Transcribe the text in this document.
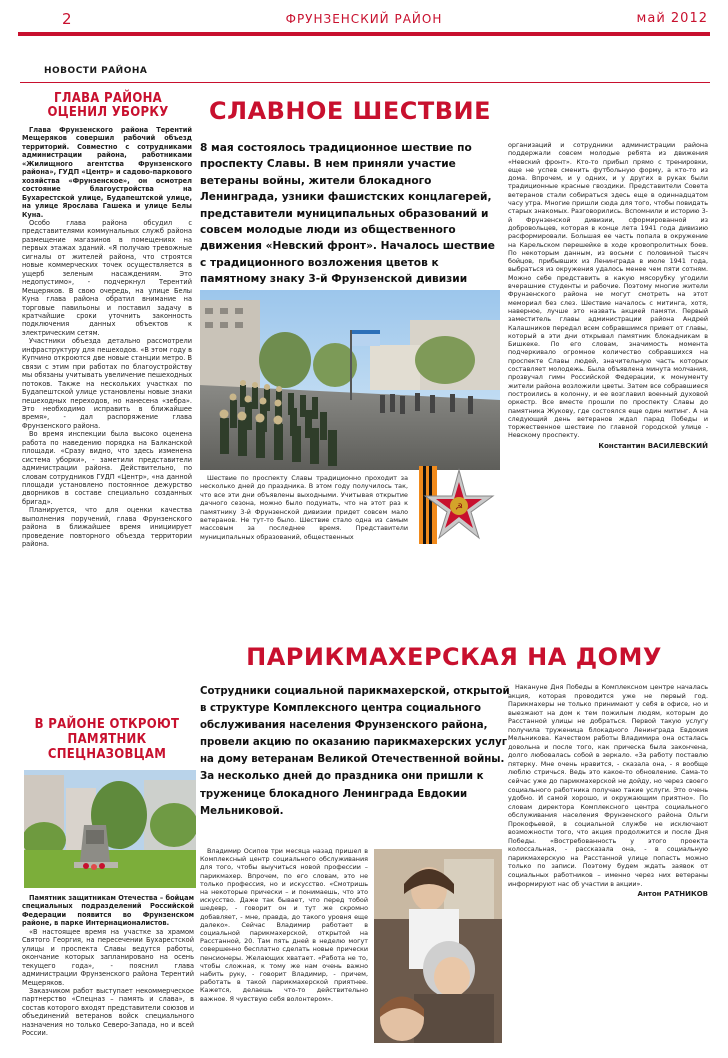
2	ФРУНЗЕНСКИЙ РАЙОН	май 2012
НОВОСТИ РАЙОНА
ГЛАВА РАЙОНА
ОЦЕНИЛ УБОРКУ

Глава Фрунзенского района Терентий Мещеряков совершил рабочий объезд территорий. Совместно с сотрудниками администрации района, работниками «Жилищного агентства Фрунзенского района», ГУДП «Центр» и садово-паркового хозяйства «Фрунзенское», он осмотрел состояние благоустройства на Бухарестской улице, Будапештской улице, на улице Ярослава Гашека и улице Белы Куна.

Особо глава района обсудил с представителями коммунальных служб района размещение магазинов в помещениях на первых этажах зданий. «Я получаю тревожные сигналы от жителей района, что строятся новые коммерческих точек осуществляется в ущерб зеленым насаждениям. Это недопустимо», - подчеркнул Терентий Мещеряков. В свою очередь, на улице Белы Куна глава района обратил внимание на торговые павильоны и поставил задачу в кратчайшие сроки уточнить законность подключения данных объектов к электрическим сетям.

Участники объезда детально рассмотрели инфраструктуру для пешеходов. «В этом году в Купчино откроются две новые станции метро. В связи с этим при работах по благоустройству мы обязаны учитывать увеличение пешеходных потоков. Также на нескольких участках по Будапештской улице установлены новые знаки пешеходных переходов, но нанесена «зебра». Это необходимо исправить в ближайшее время», - дал распоряжение глава Фрунзенского района.

Во время инспекции была высоко оценена работа по наведению порядка на Балканской площади. «Сразу видно, что здесь изменена система уборки», - заметили представители администрации района. Действительно, по словам сотрудников ГУДП «Центр», «на данной площади установлено постоянное дежурство дворников в составе специально созданных бригад».

Планируется, что для оценки качества выполнения поручений, глава Фрунзенского района в ближайшее время инициирует проведение повторного объезда территории района.

СЛАВНОЕ ШЕСТВИЕ
8 мая состоялось традиционное шествие по проспекту Славы. В нем приняли участие ветераны войны, жители блокадного Ленинграда, узники фашистских концлагерей, представители муниципальных образований и совсем молодые люди из общественного движения «Невский фронт». Началось шествие с традиционного возложения цветов к памятному знаку 3-й Фрунзенской дивизии
☭
Шествие по проспекту Славы традиционно проходит за несколько дней до праздника. В этом году получилось так, что все эти дни объявлены выходными. Учитывая открытие дачного сезона, можно было подумать, что на этот раз к памятнику 3-й Фрунзенской дивизии придет совсем мало ветеранов. Не тут-то было. Шествие стало одна из самым массовым за последнее время. Представители муниципальных образований, общественных

организаций и сотрудники администрации района поддержали совсем молодые ребята из движения «Невский фронт». Кто-то прибыл прямо с тренировки, еще не успев сменить футбольную форму, а кто-то из дома. Впрочем, и у одних, и у других в руках были традиционные красные гвоздики. Представители Совета ветеранов стали собираться здесь еще в одиннадцатом часу утра. Многие пришли сюда для того, чтобы повидать старых знакомых. Разговорились. Вспомнили и историю 3-й Фрунзенской дивизии, сформированной из добровольцев, которая в конце лета 1941 года дивизию расформировали. Большая ее часть попала в окружение на Карельском перешейке в ходе кровопролитных боев. По некоторым данным, из восьми с половиной тысяч бойцов, прибывших из Ленинграда в июле 1941 года, выбраться из окружения удалось менее чем пяти сотням. Можно себе представить в какую мясорубку угодили вчерашние студенты и рабочие. Поэтому многие жители Фрунзенского района не могут смотреть на этот мемориал без слез. Шествие началось с митинга, хотя, наверное, лучше это назвать акцией памяти. Первый заместитель главы администрации района Андрей Калашников передал всем собравшимся привет от главы, который в эти дни открывал памятник блокадникам в Бишкеке. По его словам, значимость момента подчеркивало огромное количество собравшихся на проспекте Славы людей, значительную часть которых составляет молодежь. Была объявлена минута молчания, прозвучал гимн Российской Федерации, к монументу жители района возложили цветы. Затем все собравшиеся построились в колонну, и ее возглавил военный духовой оркестр. Все вместе прошли по проспекту Славы до памятника Жукову, где состоялся еще один митинг. А на следующий день ветеранов ждал парад Победы и торжественное шествие по главной городской улице - Невскому проспекту.

Константин ВАСИЛЕВСКИЙ
В РАЙОНЕ ОТКРОЮТ
ПАМЯТНИК
СПЕЦНАЗОВЦАМ

Памятник защитникам Отечества – бойцам специальных подразделений Российской Федерации появится во Фрунзенском районе, в парке Интернационалистов.

«В настоящее время на участке за храмом Святого Георгия, на пересечении Бухарестской улицы и проспекта Славы ведутся работы, окончание которых запланировано на осень текущего года», - пояснил глава администрации Фрунзенского района Терентий Мещеряков.

Заказчиком работ выступает некоммерческое партнерство «Спецназ – память и слава», в состав которого входят представители союзов и объединений ветеранов войск специального назначения но только Северо-Запада, но и всей России.

ПАРИКМАХЕРСКАЯ НА ДОМУ
Сотрудники социальной парикмахерской, открытой в структуре Комплексного центра социального обслуживания населения Фрунзенского района, провели акцию по оказанию парикмахерских услуг на дому ветеранам Великой Отечественной войны. За несколько дней до праздника они пришли к труженице блокадного Ленинграда Евдокии Мельниковой.

Владимир Осипов три месяца назад пришел в Комплексный центр социального обслуживания для того, чтобы выучиться новой профессии – парикмахер. Впрочем, по его словам, это не только профессия, но и искусство. «Смотришь на некоторые прически – и понимаешь, что это искусство. Даже так бывает, что перед тобой шедевр, - говорит он и тут же скромно добавляет, - мне, правда, до такого уровня еще далеко». Сейчас Владимир работает в социальной парикмахерской, открытой на Расстанной, 20. Там пять дней в неделю могут совершенно бесплатно сделать новые прически пенсионеры. Желающих хватает. «Работа не то, чтобы сложная, к тому же нам очень важно набить руку, - говорит Владимир, - причем, работать в такой парикмахерской приятнее. Кажется, делаешь что-то действительно важное. Я чувствую себя волонтером».

Накануне Дня Победы в Комплексном центре началась акция, которая проводится уже не первый год. Парикмахеры не только принимают у себя в офисе, но и выезжают на дом к тем пожилым людям, которым до Расстанной улицы не добраться. Первой такую услугу получила труженица блокадного Ленинграда Евдокия Мельникова. Качеством работы Владимира она осталась довольна и после того, как прическа была закончена, долго любовалась собой в зеркало. «За работу поставлю пятерку. Мне очень нравится, - сказала она, - я вообще люблю стричься. Ведь это какое-то обновление. Сама-то сейчас уже до парикмахерской не дойду, но через своего социального работника получаю такие услуги. Это очень удобно. И самой хорошо, и окружающим приятно». По словам директора Комплексного центра социального обслуживания населения Фрунзенского района Ольги Прокофьевой, в социальной службе не исключают возможности того, что акция продолжится и после Дня Победы. «Востребованность у этого проекта колоссальная, - рассказала она, - в социальную парикмахерскую на Расстанной улице попасть можно только по записи. Поэтому будем ждать заявок от социальных работников – именно через них ветераны информируют нас об участии в акции».

Антон РАТНИКОВ
